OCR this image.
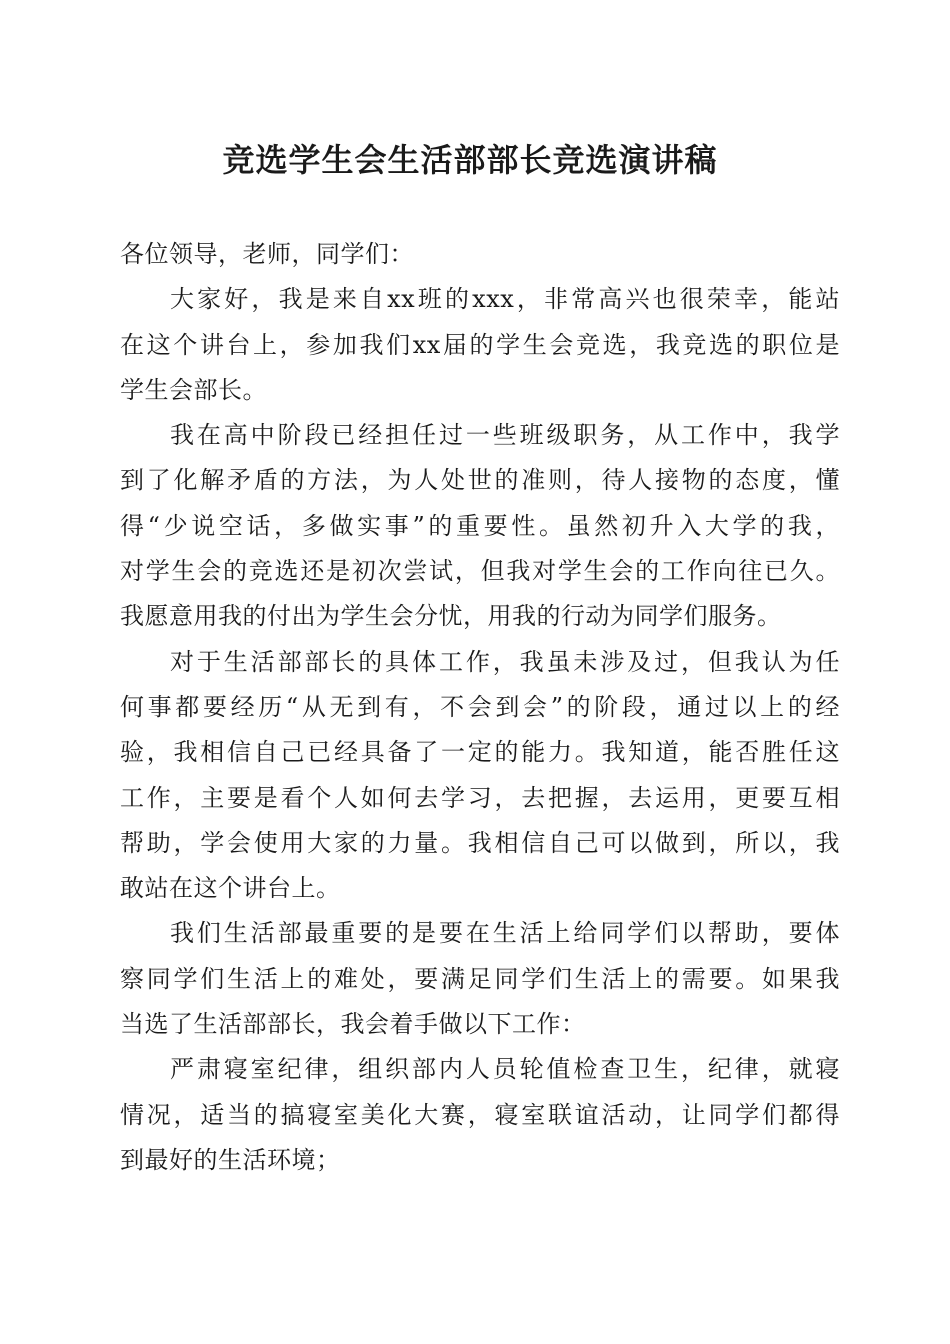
竞选学生会生活部部长竞选演讲稿
各位领导，老师，同学们：
大家好，我是来自xx班的xxx，非常高兴也很荣幸，能站
在这个讲台上，参加我们xx届的学生会竞选，我竞选的职位是
学生会部长。
我在高中阶段已经担任过一些班级职务，从工作中，我学
到了化解矛盾的方法，为人处世的准则，待人接物的态度，懂
得“少说空话，多做实事”的重要性。虽然初升入大学的我，
对学生会的竞选还是初次尝试，但我对学生会的工作向往已久。
我愿意用我的付出为学生会分忧，用我的行动为同学们服务。
对于生活部部长的具体工作，我虽未涉及过，但我认为任
何事都要经历“从无到有，不会到会”的阶段，通过以上的经
验，我相信自己已经具备了一定的能力。我知道，能否胜任这
工作，主要是看个人如何去学习，去把握，去运用，更要互相
帮助，学会使用大家的力量。我相信自己可以做到，所以，我
敢站在这个讲台上。
我们生活部最重要的是要在生活上给同学们以帮助，要体
察同学们生活上的难处，要满足同学们生活上的需要。如果我
当选了生活部部长，我会着手做以下工作：
严肃寝室纪律，组织部内人员轮值检查卫生，纪律，就寝
情况，适当的搞寝室美化大赛，寝室联谊活动，让同学们都得
到最好的生活环境；
